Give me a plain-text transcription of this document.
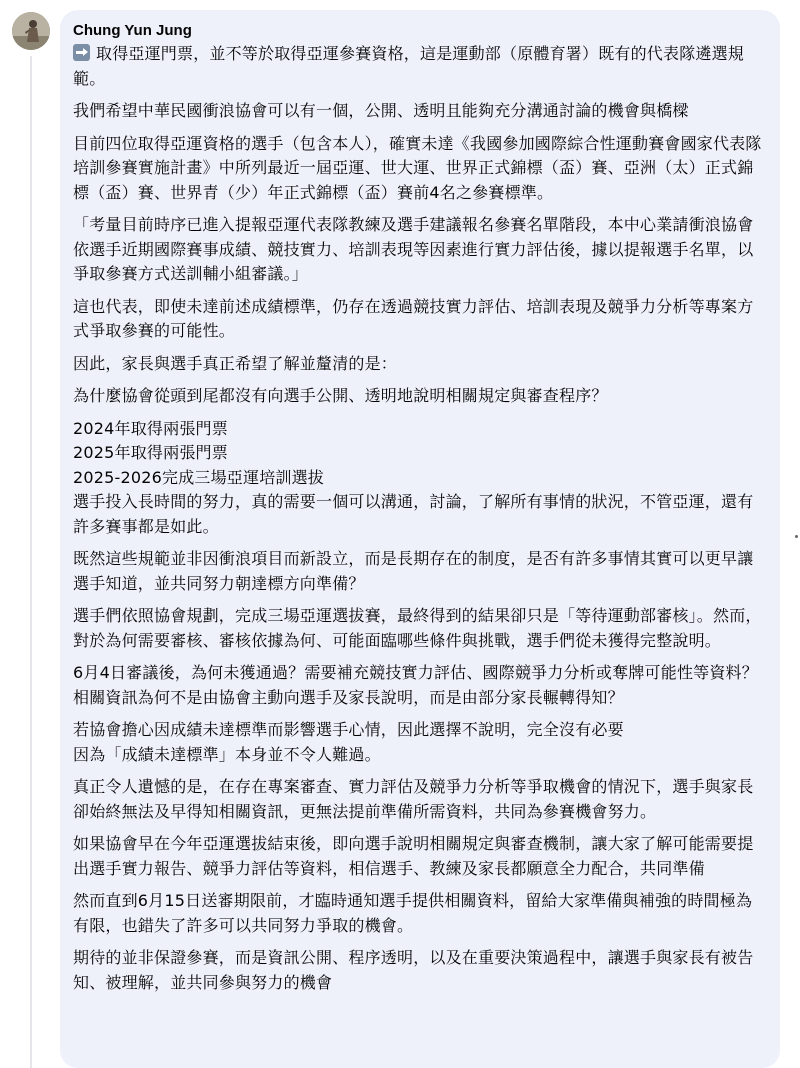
Chung Yun Jung

取得亞運門票，並不等於取得亞運參賽資格，這是運動部（原體育署）既有的代表隊遴選規範。

我們希望中華民國衝浪協會可以有一個，公開、透明且能夠充分溝通討論的機會與橋樑

目前四位取得亞運資格的選手（包含本人），確實未達《我國參加國際綜合性運動賽會國家代表隊培訓參賽實施計畫》中所列最近一屆亞運、世大運、世界正式錦標（盃）賽、亞洲（太）正式錦標（盃）賽、世界青（少）年正式錦標（盃）賽前4名之參賽標準。

「考量目前時序已進入提報亞運代表隊教練及選手建議報名參賽名單階段，本中心業請衝浪協會依選手近期國際賽事成績、競技實力、培訓表現等因素進行實力評估後，據以提報選手名單，以爭取參賽方式送訓輔小組審議。」

這也代表，即使未達前述成績標準，仍存在透過競技實力評估、培訓表現及競爭力分析等專案方式爭取參賽的可能性。

因此，家長與選手真正希望了解並釐清的是：

為什麼協會從頭到尾都沒有向選手公開、透明地說明相關規定與審查程序？

2024年取得兩張門票

2025年取得兩張門票

2025-2026完成三場亞運培訓選拔

選手投入長時間的努力，真的需要一個可以溝通，討論，了解所有事情的狀況，不管亞運，還有許多賽事都是如此。

既然這些規範並非因衝浪項目而新設立，而是長期存在的制度，是否有許多事情其實可以更早讓選手知道，並共同努力朝達標方向準備？

選手們依照協會規劃，完成三場亞運選拔賽，最終得到的結果卻只是「等待運動部審核」。然而，對於為何需要審核、審核依據為何、可能面臨哪些條件與挑戰，選手們從未獲得完整說明。

6月4日審議後，為何未獲通過？需要補充競技實力評估、國際競爭力分析或奪牌可能性等資料？相關資訊為何不是由協會主動向選手及家長說明，而是由部分家長輾轉得知？

若協會擔心因成績未達標準而影響選手心情，因此選擇不說明，完全沒有必要

因為「成績未達標準」本身並不令人難過。

真正令人遺憾的是，在存在專案審查、實力評估及競爭力分析等爭取機會的情況下，選手與家長卻始終無法及早得知相關資訊，更無法提前準備所需資料，共同為參賽機會努力。

如果協會早在今年亞運選拔結束後，即向選手說明相關規定與審查機制，讓大家了解可能需要提出選手實力報告、競爭力評估等資料，相信選手、教練及家長都願意全力配合，共同準備

然而直到6月15日送審期限前，才臨時通知選手提供相關資料，留給大家準備與補強的時間極為有限，也錯失了許多可以共同努力爭取的機會。

期待的並非保證參賽，而是資訊公開、程序透明，以及在重要決策過程中，讓選手與家長有被告知、被理解，並共同參與努力的機會
